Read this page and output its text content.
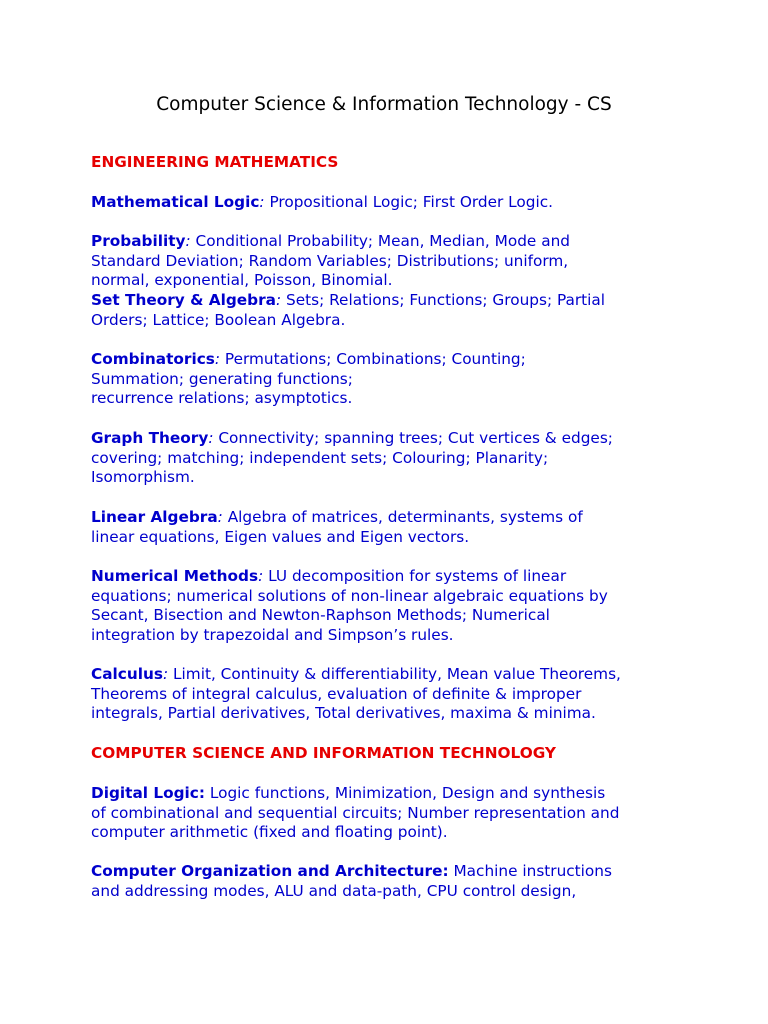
Computer Science & Information Technology - CS
ENGINEERING MATHEMATICS
Mathematical Logic: Propositional Logic; First Order Logic.
Probability: Conditional Probability; Mean, Median, Mode and
Standard Deviation; Random Variables; Distributions; uniform,
normal, exponential, Poisson, Binomial.
Set Theory & Algebra: Sets; Relations; Functions; Groups; Partial
Orders; Lattice; Boolean Algebra.
Combinatorics: Permutations; Combinations; Counting;
Summation; generating functions;
recurrence relations; asymptotics.
Graph Theory: Connectivity; spanning trees; Cut vertices & edges;
covering; matching; independent sets; Colouring; Planarity;
Isomorphism.
Linear Algebra: Algebra of matrices, determinants, systems of
linear equations, Eigen values and Eigen vectors.
Numerical Methods: LU decomposition for systems of linear
equations; numerical solutions of non-linear algebraic equations by
Secant, Bisection and Newton-Raphson Methods; Numerical
integration by trapezoidal and Simpson’s rules.
Calculus: Limit, Continuity & differentiability, Mean value Theorems,
Theorems of integral calculus, evaluation of definite & improper
integrals, Partial derivatives, Total derivatives, maxima & minima.
COMPUTER SCIENCE AND INFORMATION TECHNOLOGY
Digital Logic: Logic functions, Minimization, Design and synthesis
of combinational and sequential circuits; Number representation and
computer arithmetic (fixed and floating point).
Computer Organization and Architecture: Machine instructions
and addressing modes, ALU and data-path, CPU control design,
